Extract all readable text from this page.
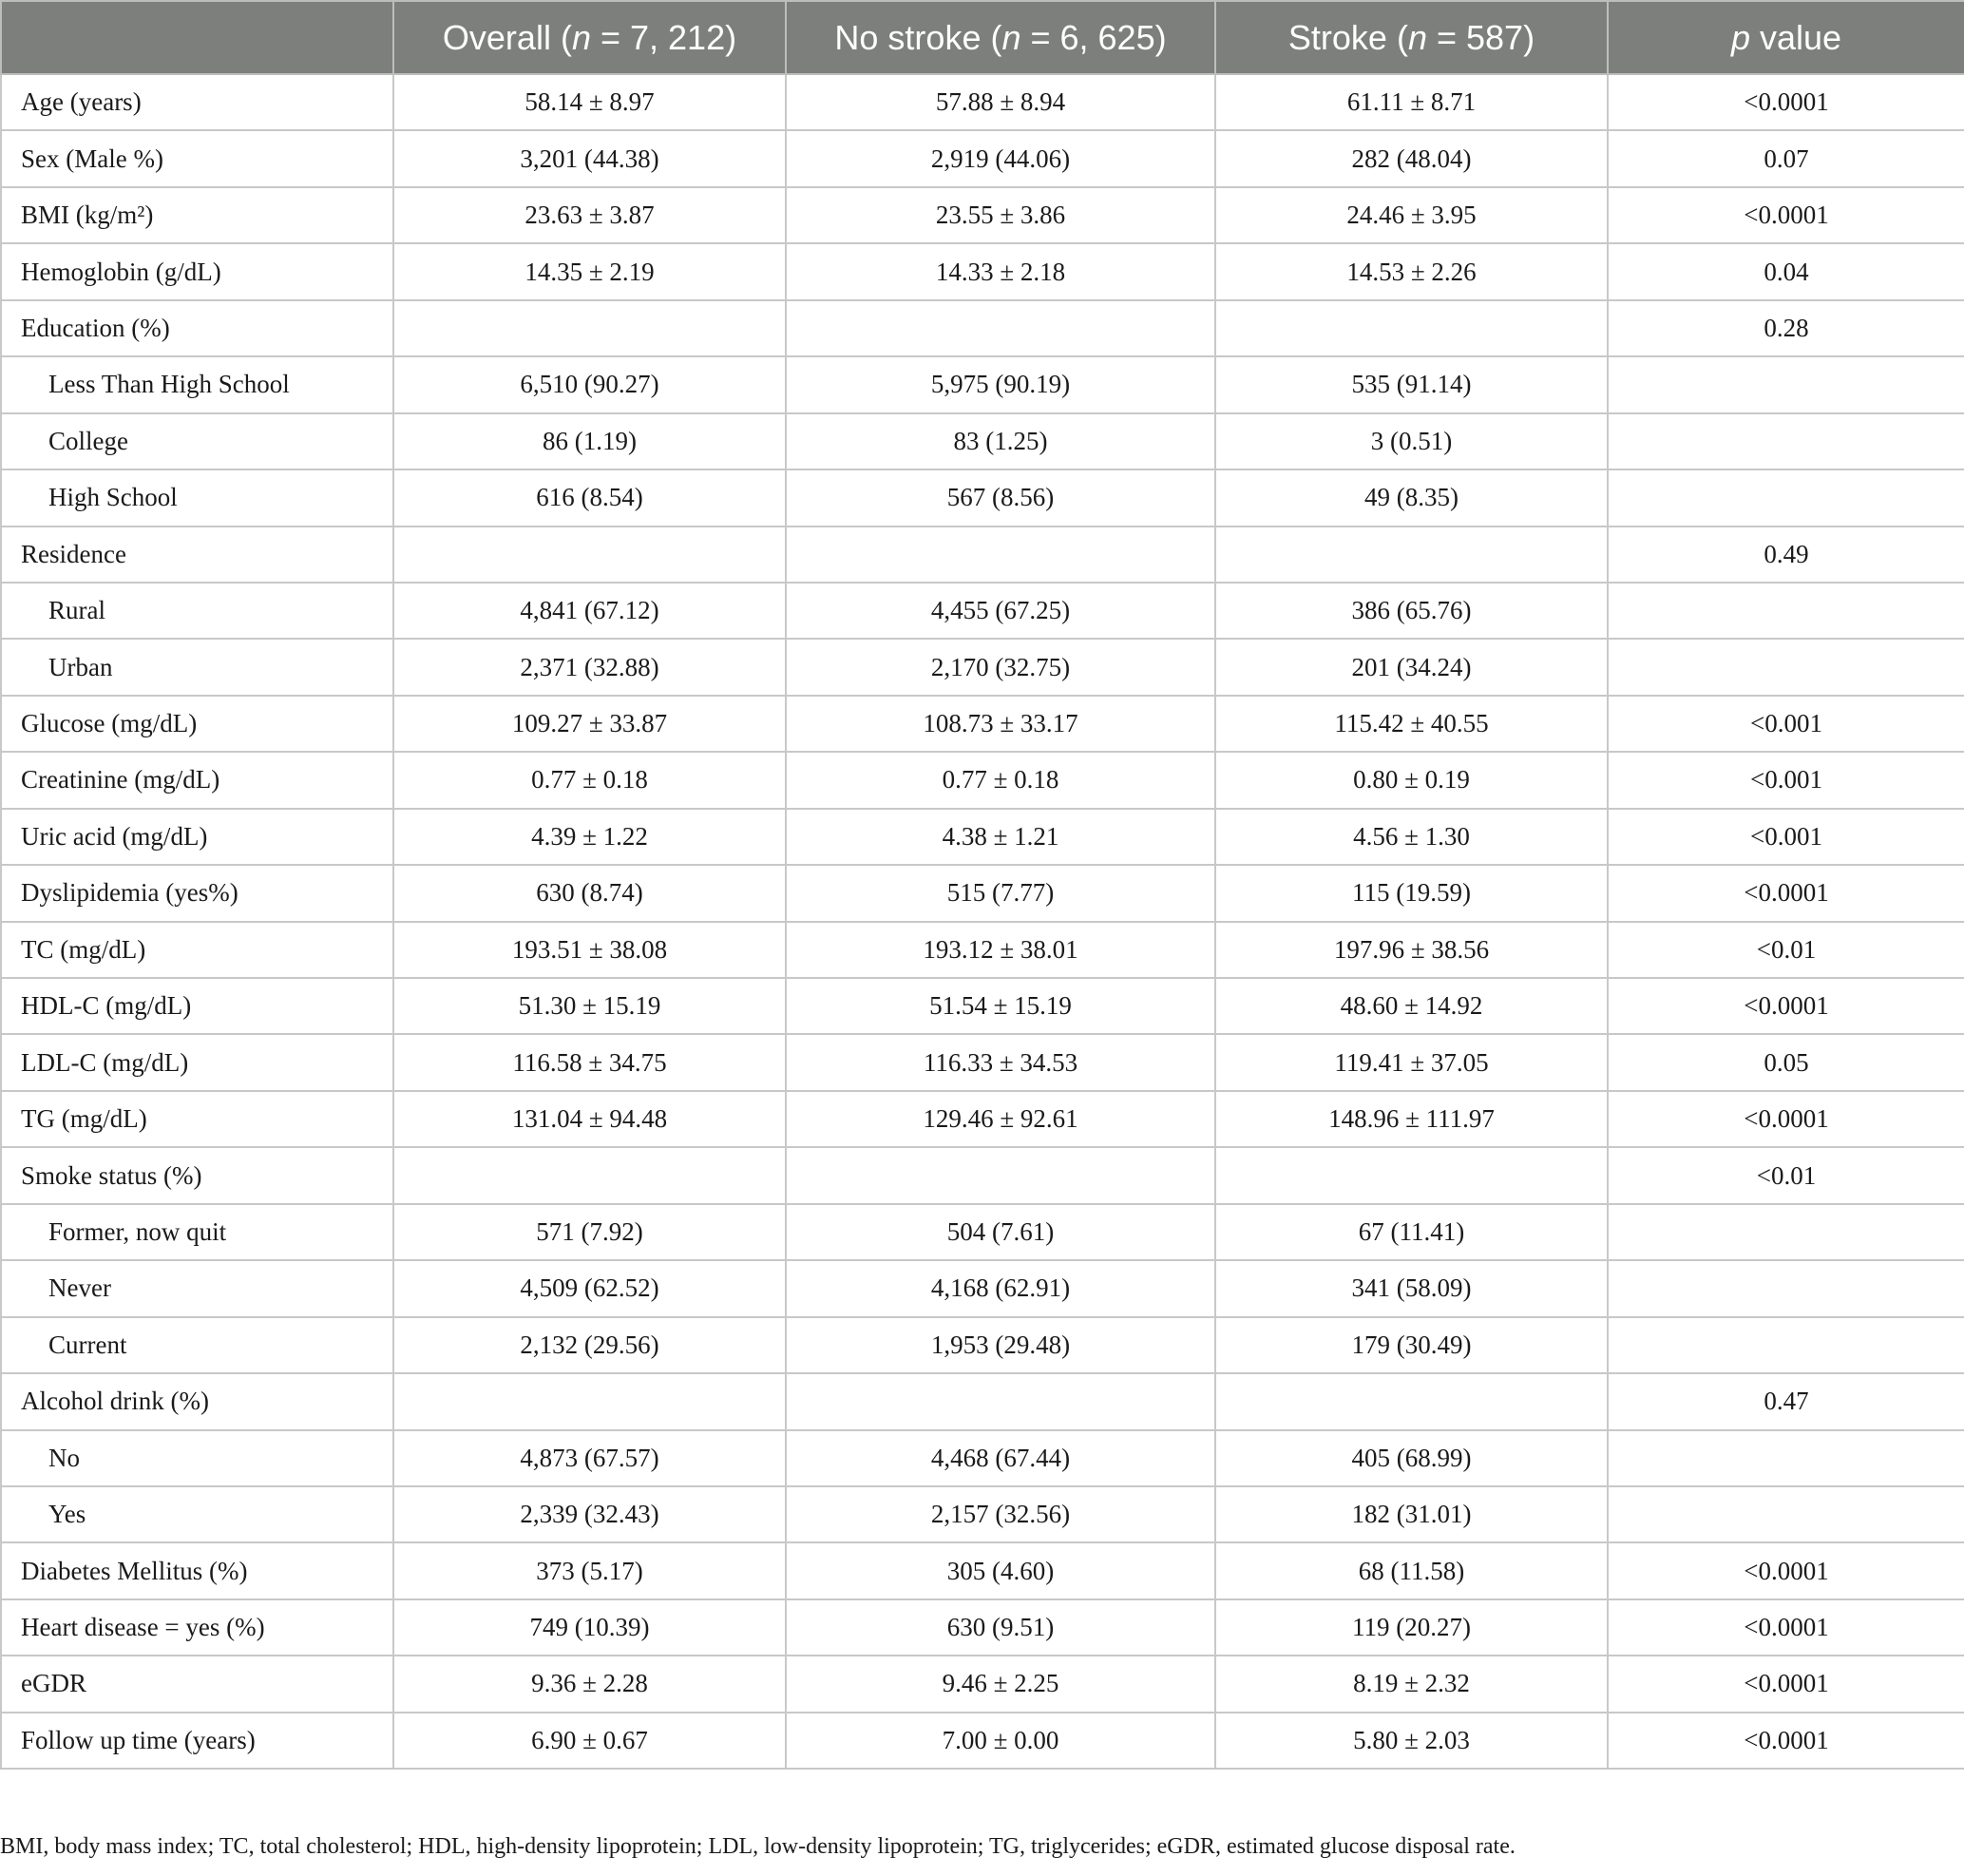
	Overall (n = 7, 212)	No stroke (n = 6, 625)	Stroke (n = 587)	p value
Age (years)	58.14 ± 8.97	57.88 ± 8.94	61.11 ± 8.71	<0.0001
Sex (Male %)	3,201 (44.38)	2,919 (44.06)	282 (48.04)	0.07
BMI (kg/m²)	23.63 ± 3.87	23.55 ± 3.86	24.46 ± 3.95	<0.0001
Hemoglobin (g/dL)	14.35 ± 2.19	14.33 ± 2.18	14.53 ± 2.26	0.04
Education (%)				0.28
Less Than High School	6,510 (90.27)	5,975 (90.19)	535 (91.14)	
College	86 (1.19)	83 (1.25)	3 (0.51)	
High School	616 (8.54)	567 (8.56)	49 (8.35)	
Residence				0.49
Rural	4,841 (67.12)	4,455 (67.25)	386 (65.76)	
Urban	2,371 (32.88)	2,170 (32.75)	201 (34.24)	
Glucose (mg/dL)	109.27 ± 33.87	108.73 ± 33.17	115.42 ± 40.55	<0.001
Creatinine (mg/dL)	0.77 ± 0.18	0.77 ± 0.18	0.80 ± 0.19	<0.001
Uric acid (mg/dL)	4.39 ± 1.22	4.38 ± 1.21	4.56 ± 1.30	<0.001
Dyslipidemia (yes%)	630 (8.74)	515 (7.77)	115 (19.59)	<0.0001
TC (mg/dL)	193.51 ± 38.08	193.12 ± 38.01	197.96 ± 38.56	<0.01
HDL-C (mg/dL)	51.30 ± 15.19	51.54 ± 15.19	48.60 ± 14.92	<0.0001
LDL-C (mg/dL)	116.58 ± 34.75	116.33 ± 34.53	119.41 ± 37.05	0.05
TG (mg/dL)	131.04 ± 94.48	129.46 ± 92.61	148.96 ± 111.97	<0.0001
Smoke status (%)				<0.01
Former, now quit	571 (7.92)	504 (7.61)	67 (11.41)	
Never	4,509 (62.52)	4,168 (62.91)	341 (58.09)	
Current	2,132 (29.56)	1,953 (29.48)	179 (30.49)	
Alcohol drink (%)				0.47
No	4,873 (67.57)	4,468 (67.44)	405 (68.99)	
Yes	2,339 (32.43)	2,157 (32.56)	182 (31.01)	
Diabetes Mellitus (%)	373 (5.17)	305 (4.60)	68 (11.58)	<0.0001
Heart disease = yes (%)	749 (10.39)	630 (9.51)	119 (20.27)	<0.0001
eGDR	9.36 ± 2.28	9.46 ± 2.25	8.19 ± 2.32	<0.0001
Follow up time (years)	6.90 ± 0.67	7.00 ± 0.00	5.80 ± 2.03	<0.0001
BMI, body mass index; TC, total cholesterol; HDL, high-density lipoprotein; LDL, low-density lipoprotein; TG, triglycerides; eGDR, estimated glucose disposal rate.
